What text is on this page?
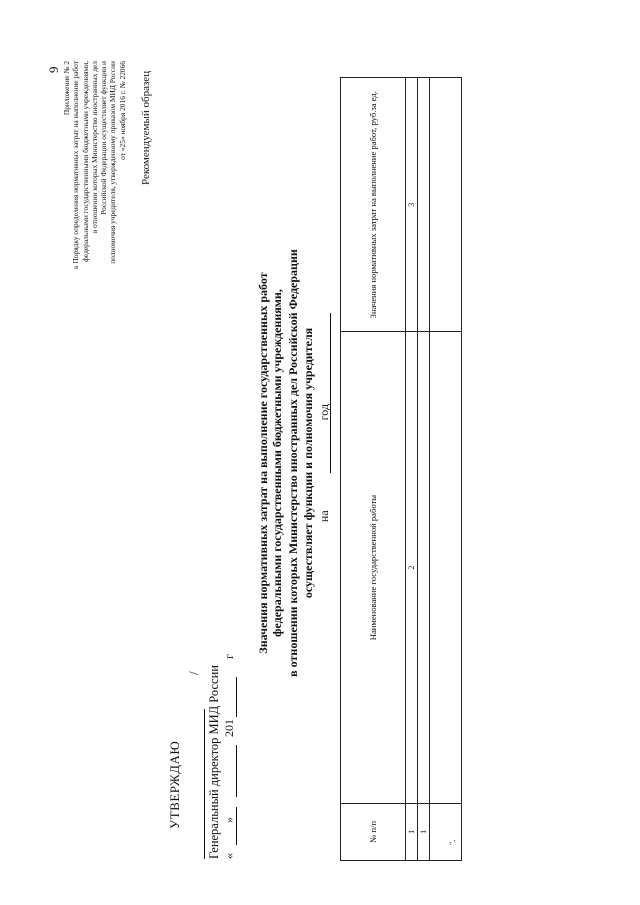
9 Приложение № 2 к Порядку определения нормативных затрат на выполнение работ федеральными государственными бюджетными учреждениями, в отношении которых Министерство иностранных дел Российской Федерации осуществляет функции и полномочия учредителя, утвержденному приказом МИД России от «25» ноября 2016 г. № 22066 Рекомендуемый образец
УТВЕРЖДАЮ
/ Генеральный директор МИД России «»201
г
Значения нормативных затрат на выполнение государственных работ федеральными государственными бюджетными учреждениями, в отношении которых Министерство иностранных дел Российской Федерации осуществляет функции и полномочия учредителя нагод
№ п/п	Наименование государственной работы	Значения нормативных затрат на выполнение работ, руб.за ед.
1	2	3
1		

".
